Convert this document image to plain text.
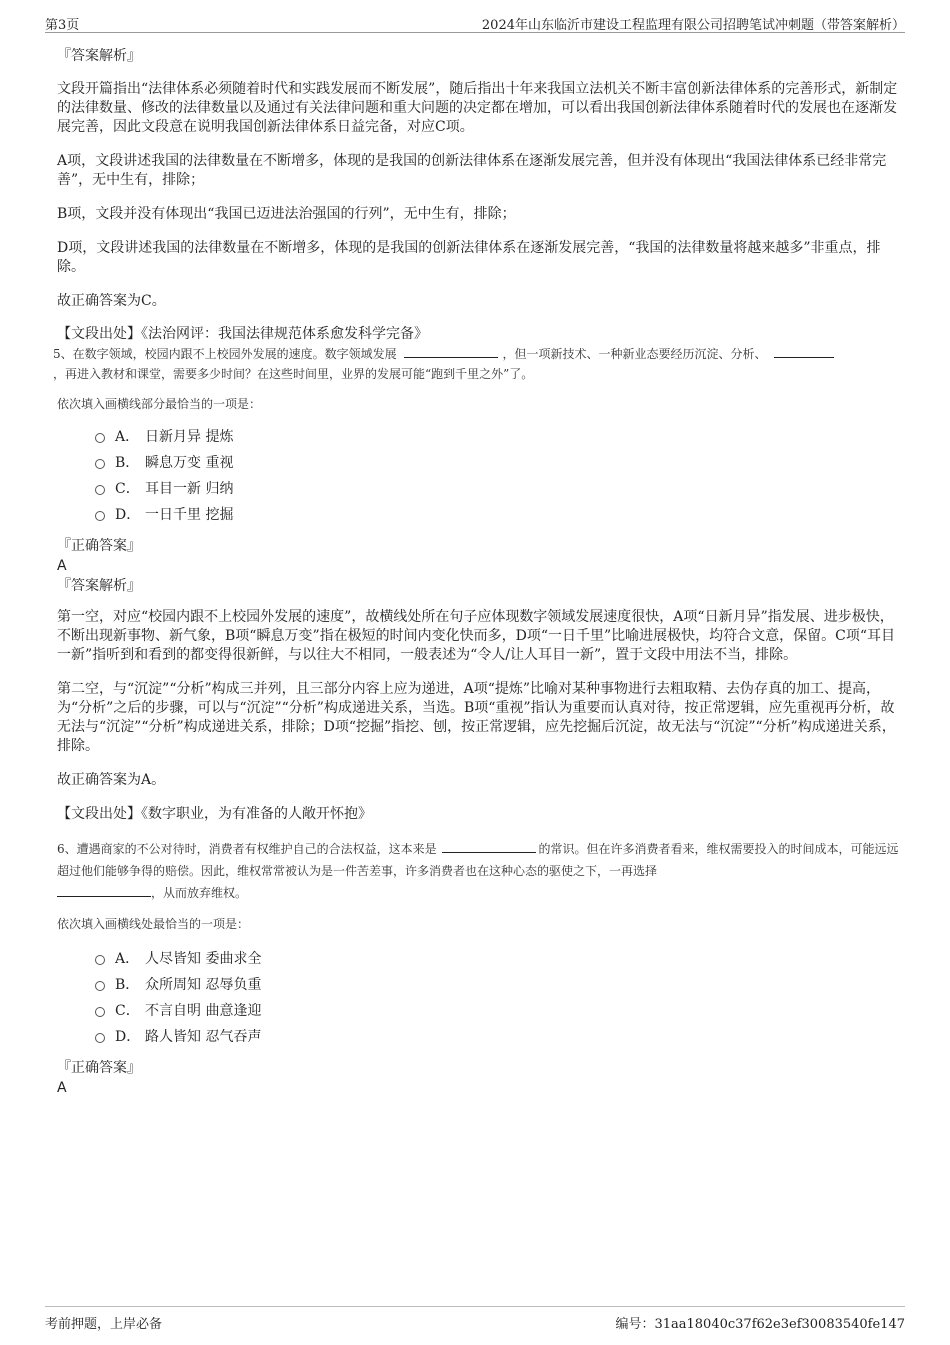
第3页	2024年山东临沂市建设工程监理有限公司招聘笔试冲刺题（带答案解析）

『答案解析』

文段开篇指出“法律体系必须随着时代和实践发展而不断发展”，随后指出十年来我国立法机关不断丰富创新法律体系的完善形式，新制定的法律数量、修改的法律数量以及通过有关法律问题和重大问题的决定都在增加，可以看出我国创新法律体系随着时代的发展也在逐渐发展完善，因此文段意在说明我国创新法律体系日益完备，对应C项。

A项，文段讲述我国的法律数量在不断增多，体现的是我国的创新法律体系在逐渐发展完善，但并没有体现出“我国法律体系已经非常完善”，无中生有，排除；

B项，文段并没有体现出“我国已迈进法治强国的行列”，无中生有，排除；

D项，文段讲述我国的法律数量在不断增多，体现的是我国的创新法律体系在逐渐发展完善，“我国的法律数量将越来越多”非重点，排除。

故正确答案为C。

【文段出处】《法治网评：我国法律规范体系愈发科学完备》

5、在数字领域，校园内跟不上校园外发展的速度。数字领域发展	，但一项新技术、一种新业态要经历沉淀、分析、
，再进入教材和课堂，需要多少时间？在这些时间里，业界的发展可能“跑到千里之外”了。

依次填入画横线部分最恰当的一项是：

A． 日新月异 提炼
B． 瞬息万变 重视
C． 耳目一新 归纳
D． 一日千里 挖掘

『正确答案』

A

『答案解析』

第一空，对应“校园内跟不上校园外发展的速度”，故横线处所在句子应体现数字领域发展速度很快，A项“日新月异”指发展、进步极快，不断出现新事物、新气象，B项“瞬息万变”指在极短的时间内变化快而多，D项“一日千里”比喻进展极快，均符合文意，保留。C项“耳目一新”指听到和看到的都变得很新鲜，与以往大不相同，一般表述为“令人/让人耳目一新”，置于文段中用法不当，排除。

第二空，与“沉淀”“分析”构成三并列，且三部分内容上应为递进，A项“提炼”比喻对某种事物进行去粗取精、去伪存真的加工、提高，为“分析”之后的步骤，可以与“沉淀”“分析”构成递进关系，当选。B项“重视”指认为重要而认真对待，按正常逻辑，应先重视再分析，故无法与“沉淀”“分析”构成递进关系，排除；D项“挖掘”指挖、刨，按正常逻辑，应先挖掘后沉淀，故无法与“沉淀”“分析”构成递进关系，排除。

故正确答案为A。

【文段出处】《数字职业，为有准备的人敞开怀抱》

6、遭遇商家的不公对待时，消费者有权维护自己的合法权益，这本来是	的常识。但在许多消费者看来，维权需要投入的时间成本，可能远远超过他们能够争得的赔偿。因此，维权常常被认为是一件苦差事，许多消费者也在这种心态的驱使之下，一再选择
，从而放弃维权。

依次填入画横线处最恰当的一项是：

A． 人尽皆知 委曲求全
B． 众所周知 忍辱负重
C． 不言自明 曲意逢迎
D． 路人皆知 忍气吞声

『正确答案』

A

考前押题，上岸必备	编号：31aa18040c37f62e3ef30083540fe147
